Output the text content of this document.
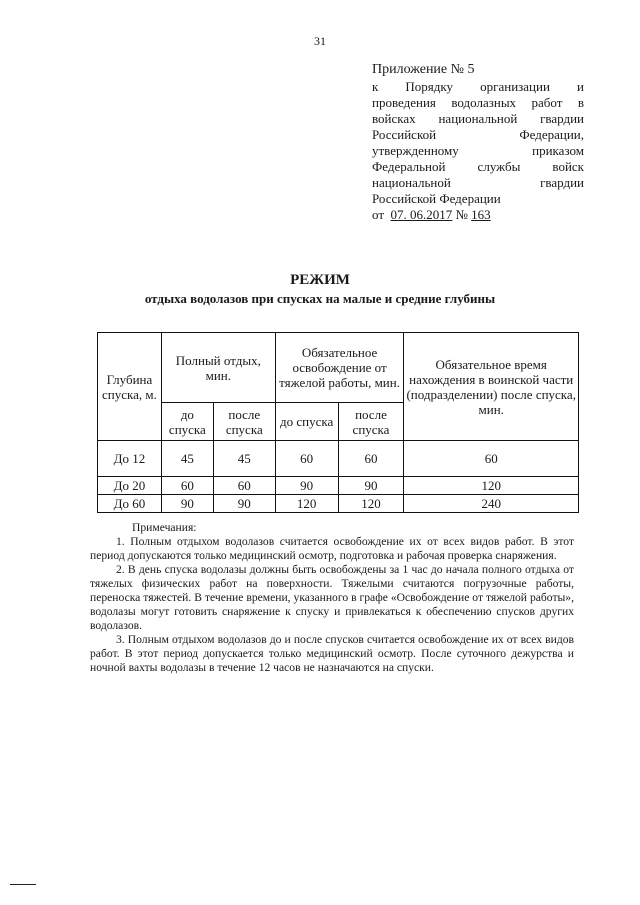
31
Приложение № 5
к Порядку организации и
проведения водолазных работ в
войсках национальной гвардии
Российской Федерации,
утвержденному приказом
Федеральной службы войск
национальной гвардии
Российской Федерации
от 07. 06.2017 № 163
РЕЖИМ
отдыха водолазов при спусках на малые и средние глубины
Глубина спуска, м.	Полный отдых, мин.		Обязательное освобождение от тяжелой работы, мин.		Обязательное время нахождения в воинской части (подразделении) после спуска, мин.
	до спуска	после спуска	до спуска	после спуска	
До 12	45	45	60	60	60
До 20	60	60	90	90	120
До 60	90	90	120	120	240

Примечания:

1. Полным отдыхом водолазов считается освобождение их от всех видов работ. В этот период допускаются только медицинский осмотр, подготовка и рабочая проверка снаряжения.

2. В день спуска водолазы должны быть освобождены за 1 час до начала полного отдыха от тяжелых физических работ на поверхности. Тяжелыми считаются погрузочные работы, переноска тяжестей. В течение времени, указанного в графе «Освобождение от тяжелой работы», водолазы могут готовить снаряжение к спуску и привлекаться к обеспечению спусков других водолазов.

3. Полным отдыхом водолазов до и после спусков считается освобождение их от всех видов работ. В этот период допускается только медицинский осмотр. После суточного дежурства и ночной вахты водолазы в течение 12 часов не назначаются на спуски.
